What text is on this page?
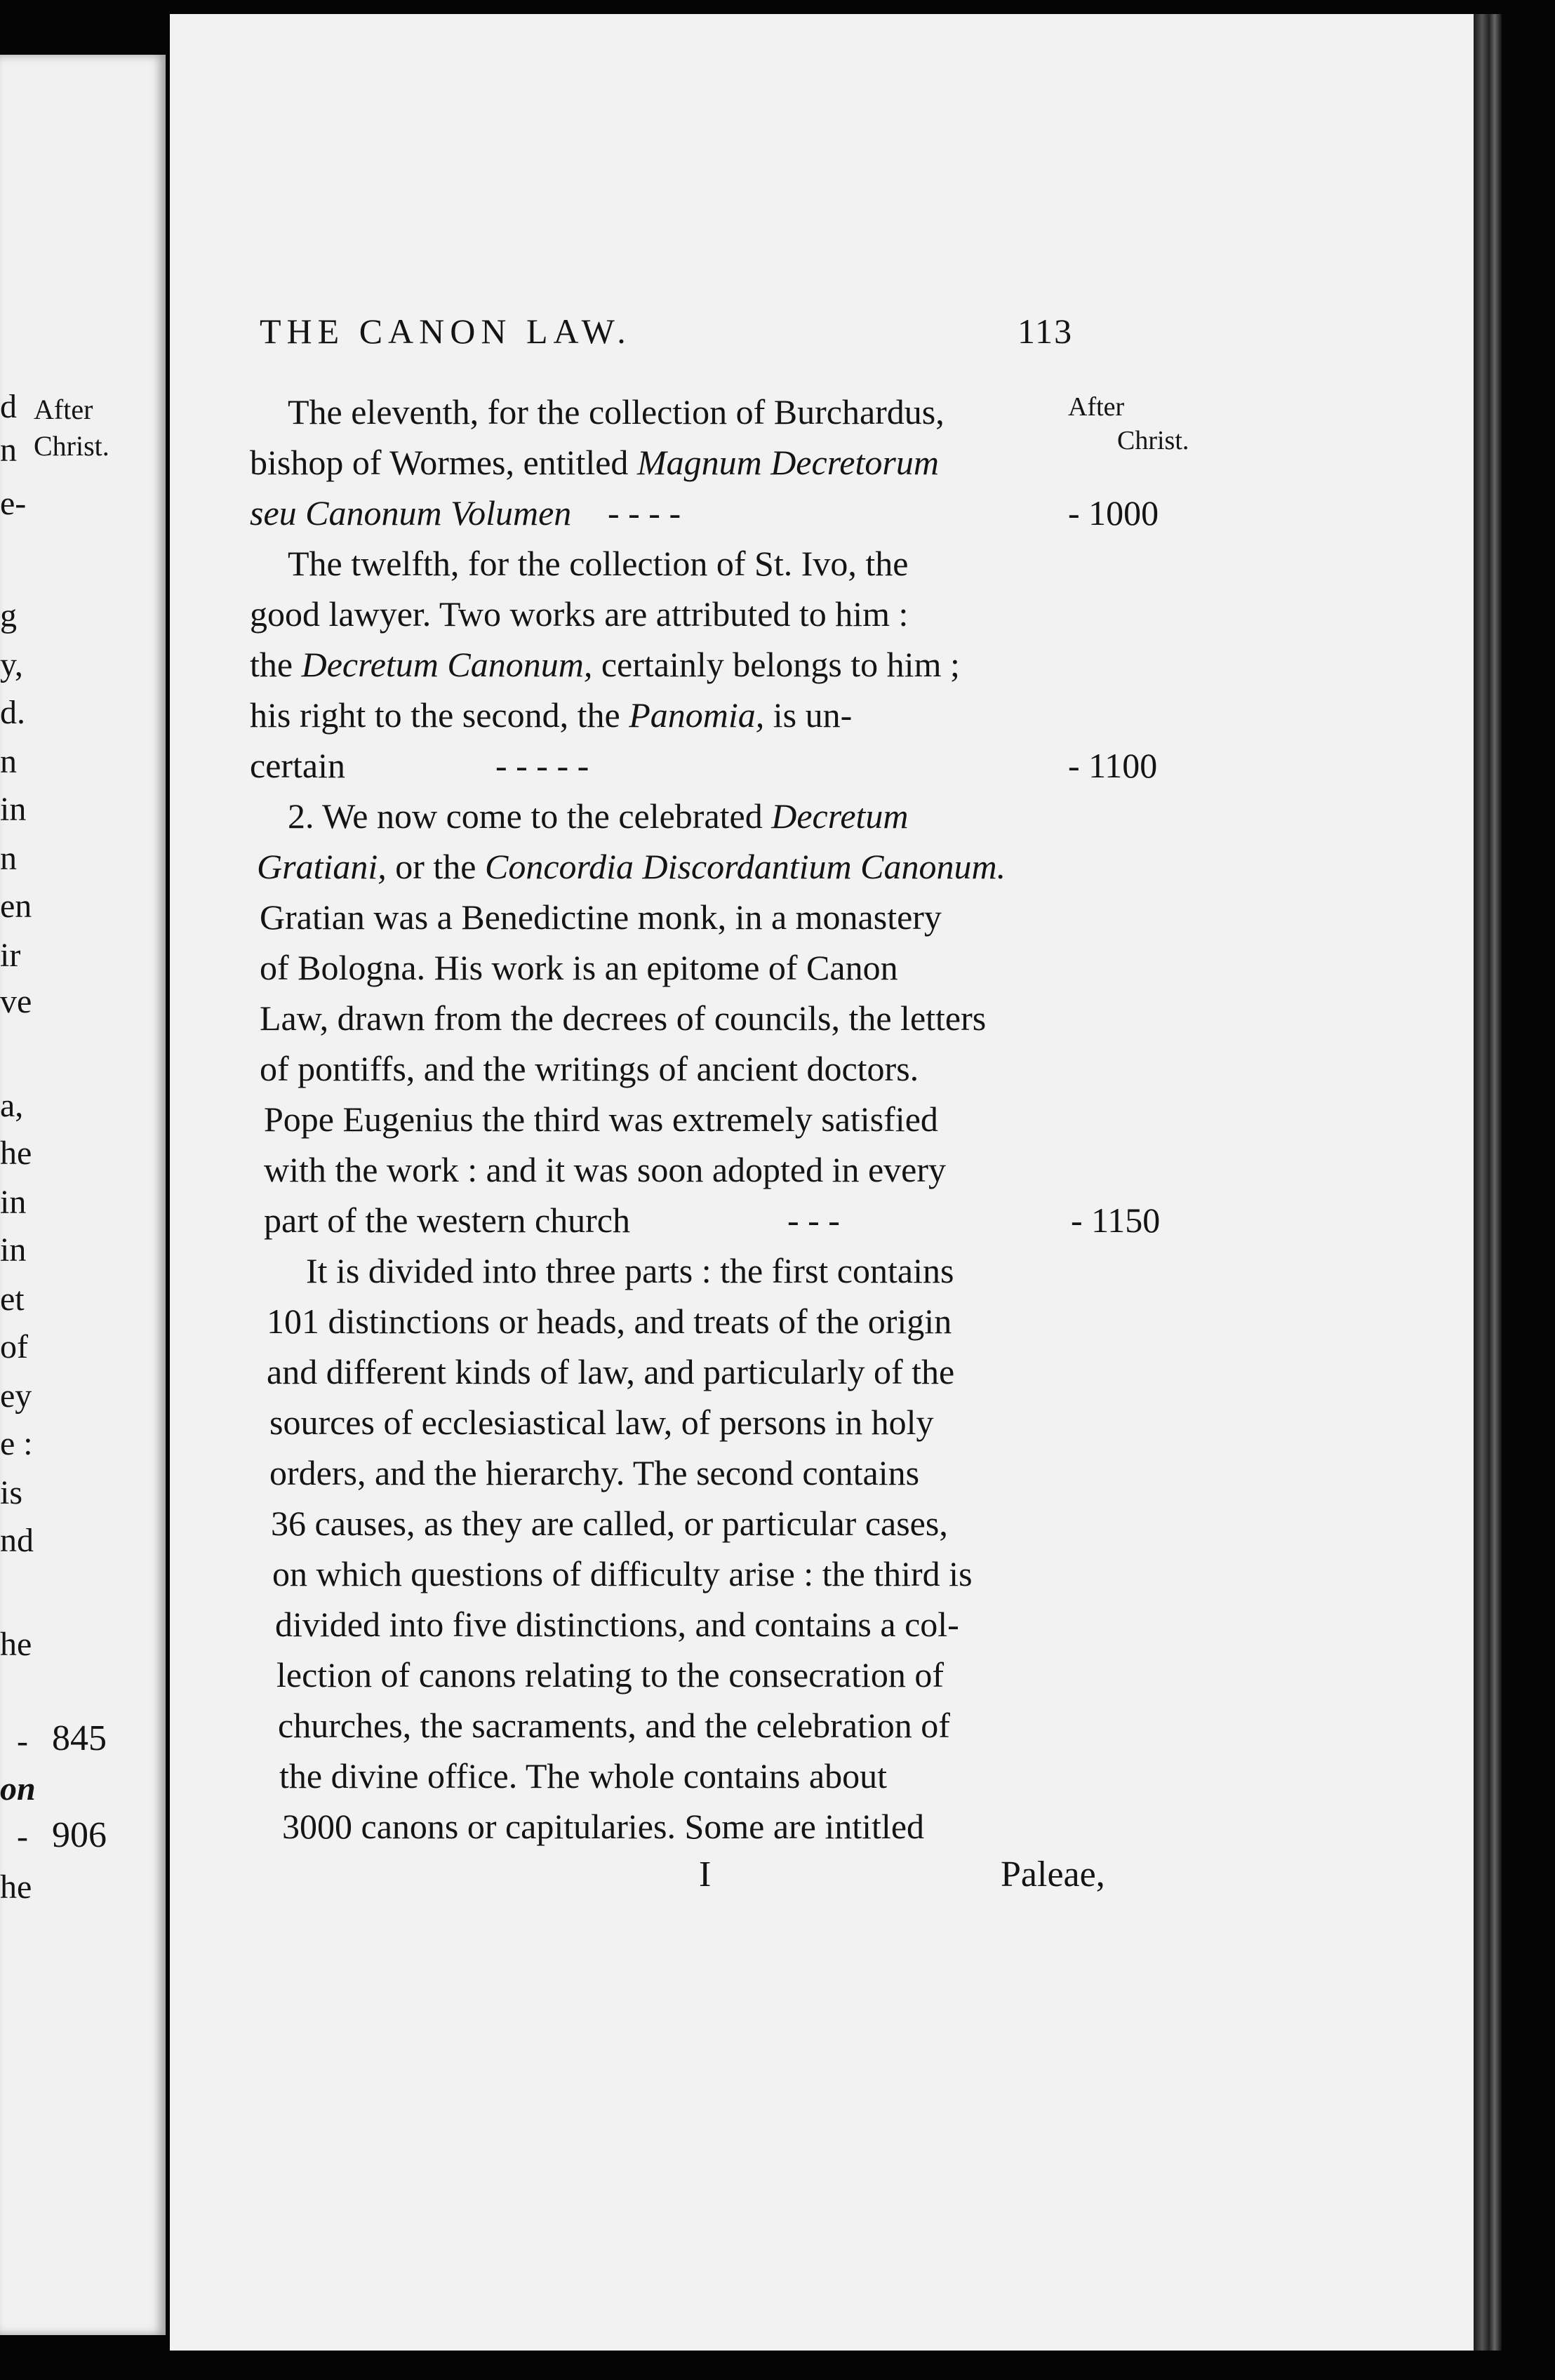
d After
n Christ.
e-
g
y,
d.
n
in
n
en
ir
ve
a,
he
in
in
et
of
ey
e :
is
nd
he
- 845
on
- 906
he
THE CANON LAW.	113
After
Christ.
The eleventh, for the collection of Burchardus,
bishop of Wormes, entitled Magnum Decretorum
seu Canonum Volumen - - - -	- 1000
The twelfth, for the collection of St. Ivo, the
good lawyer. Two works are attributed to him :
the Decretum Canonum, certainly belongs to him ;
his right to the second, the Panomia, is un-
certain	- - - - -	- 1100
2. We now come to the celebrated Decretum
Gratiani, or the Concordia Discordantium Canonum.
Gratian was a Benedictine monk, in a monastery
of Bologna. His work is an epitome of Canon
Law, drawn from the decrees of councils, the letters
of pontiffs, and the writings of ancient doctors.
Pope Eugenius the third was extremely satisfied
with the work : and it was soon adopted in every
part of the western church	- - -	- 1150
It is divided into three parts : the first contains
101 distinctions or heads, and treats of the origin
and different kinds of law, and particularly of the
sources of ecclesiastical law, of persons in holy
orders, and the hierarchy. The second contains
36 causes, as they are called, or particular cases,
on which questions of difficulty arise : the third is
divided into five distinctions, and contains a col-
lection of canons relating to the consecration of
churches, the sacraments, and the celebration of
the divine office. The whole contains about
3000 canons or capitularies. Some are intitled
I	Paleae,
